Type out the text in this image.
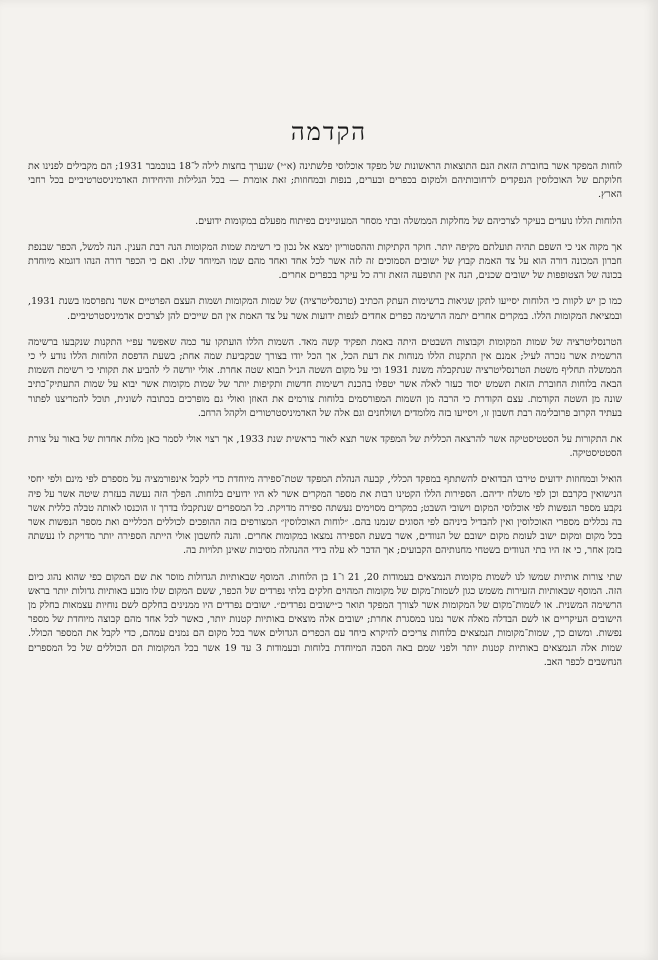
הקדמה

לוחות המפקד אשר בחוברת הזאת הנם התוצאות הראשונות של מפקד אוכלוסי פלשתינה (א״י) שנערך בחצות לילה ל־18 בנובמבר 1931; הם מקבילים לפנינו את חלוקתם של האוכלוסין הנפקדים לרחובותיהם ולמקום בכפרים ובערים, בנפות ובמחוזות; זאת אומרת — בכל הגלילות והיחידות האדמיניסטרטיביים בכל רחבי הארץ.

הלוחות הללו נועדים בעיקר לצרכיהם של מחלקות הממשלה ובתי מסחר המעוניינים בפיתוח מפעלם במקומות ידועים.

אך מקוה אני כי השפם תהיה תועלתם מקיפה יותר. חוקר הקתיקות וההסטוריון ימצא אל נכון כי רשימת שמות המקומות הנה רבת הענין. הנה למשל, הכפר שבנפת חברון המכונה דורה הוא על צד האמת קבוץ של ישובים הסמוכים זה לזה אשר לכל אחד ואחד מהם שמו המיוחד שלו. ואם כי הכפר דורה הנהו דוגמא מיוחדת בכונה של הצטופפות של ישובים שכנים, הנה אין התופעה הזאת זרה כל עיקר בכפרים אחרים.

כמו כן יש לקוות כי הלוחות יסייעו לתקן שגיאות ברשימות העתק הכתיב (טרנסליטרציה) של שמות המקומות ושמות העצם הפרטיים אשר נתפרסמו בשנת 1931, ובמציאת המקומות הללו. במקרים אחרים יתמה הרשימה כפרים אחדים לנפות ידועות אשר על צד האמת אין הם שייכים להן לצרכים אדמיניסטרטיביים.

הטרנסליטרציה של שמות המקומות וקבוצות השבטים היתה באמת תפקיד קשה מאד. השמות הללו הועתקו עד כמה שאפשר עפ״י התקנות שנקבעו ברשימה הרשמית אשר נזכרה לעיל; אמנם אין התקנות הללו מנוחות את דעת הכל, אך הכל יודו בצורך שבקביעת שמה אחת; בשעת הדפסת הלוחות הללו נודע לי כי הממשלה תחליף משטת הטרנסליטרציה שנתקבלה משנת 1931 וכי על מקום השטה הנ״ל תבוא שטה אחרת. אולי יורשה לי להביע את תקותי כי רשימת השמות הבאה בלוחות החוברת הזאת תשמש יסוד כעזר לאלה אשר יטפלו בהכנת רשימות חדשות ותקיפות יותר של שמות מקומות אשר יבוא על שמות התעתיק־כתיב שונה מן השטה הקודמת. עצם הקודרת כי הרבה מן השמות המפורסמים בלוחות צורמים את האוזן ואולי גם מופרכים בכתובה לשונית, תוכל להמריצנו לפתור בעתיד הקרוב פרובלימה רבת חשבון זו, ויסייעו בזה מלומדים ושולחנים וגם אלה של האדמיניסטרטורים ולקהל הרחב.

את התקורות על הסטטיסטיקה אשר להרצאה הכללית של המפקד אשר תצא לאור בראשית שנת 1933, אך רצוי אולי לסמר כאן מלות אחדות של באור על צורת הסטטיסטיקה.

הואיל ובמחוזות ידועים טירבו הבדואים להשתתף במפקד הכללי, קבעה הנהלת המפקד שטת־ספירה מיוחדת כדי לקבל אינפורמציה על מספרם לפי מינם ולפי יחסי הנישואין בקרבם וכן לפי משלח ידיהם. הספירות הללו הקטינו רבות את מספר המקרים אשר לא היו ידועים בלוחות. הפלך הזה נעשה בעזרת שיטה אשר על פיה נקבע מספר הנפשות לפי אוכלוסי המקום וישובי השבט; במקרים מסוימים נעשתה ספירה מדויקת. כל המספרים שנתקבלו בדרך זו הוכנסו לאותה טבלה כללית אשר בה נכללים מספרי האוכלוסין ואין להבדיל ביניהם לפי הסוגים שנמנו בהם. ״לוחות האוכלוסין״ המצורפים בזה ההופכים לכוללים הכלליים ואת מספר הנפשות אשר בכל מקום ומקום ישוב לעומת מקום ישובם של הנוודים, אשר בשעת הספירה נמצאו במקומות אחרים. והנה לחשבון אולי הייתה הספירה יותר מדויקת לו נעשתה בזמן אחר, כי אז היו בתי הנוודים בשטחי מחנותיהם הקבועים; אך הדבר לא עלה בידי ההנהלה מסיבות שאינן תלויות בה.

שתי צורות אותיות שמשו לנו לשמות מקומות הנמצאים בעמודות 20, 21 ו־1 בן הלוחות. המוסף שבאותיות הגדולות מוסר את שם המקום כפי שהוא נהוג כיום הזה. המוסף שבאותיות הזעירות משמש כגון לשמות־מקום של מקומות המהוים חלקים בלתי נפרדים של הכפר, ששם המקום שלו מובע באותיות גדולות יותר בראש הרשימה המשנית. או לשמות־מקום של המקומות אשר לצורך המפקד תואר כ״ישובים נפרדים״. ישובים נפרדים היו ממנינים בחלקם לשם נוחיות עצמאות בחלק מן הישובים העיקריים או לשם הבדלה מאלה אשר נמנו במסגרת אחרת; ישובים אלה מוצאים באותיות קטנות יותר, כאשר לכל אחד מהם קבוצה מיוחדת של מספר נפשות. ומשום כך, שמות־מקומות הנמצאים בלוחות צריכים להיקרא ביחד עם הכפרים הגדולים אשר בכל מקום הם נמנים עמהם, כדי לקבל את המספר הכולל. שמות אלה הנמצאים באותיות קטנות יותר ולפני שמם באה הסבה המיוחדת בלוחות ובעמודות 3 עד 19 אשר בכל המקומות הם הכוללים של כל המספרים הנחשבים לכפר האב.
